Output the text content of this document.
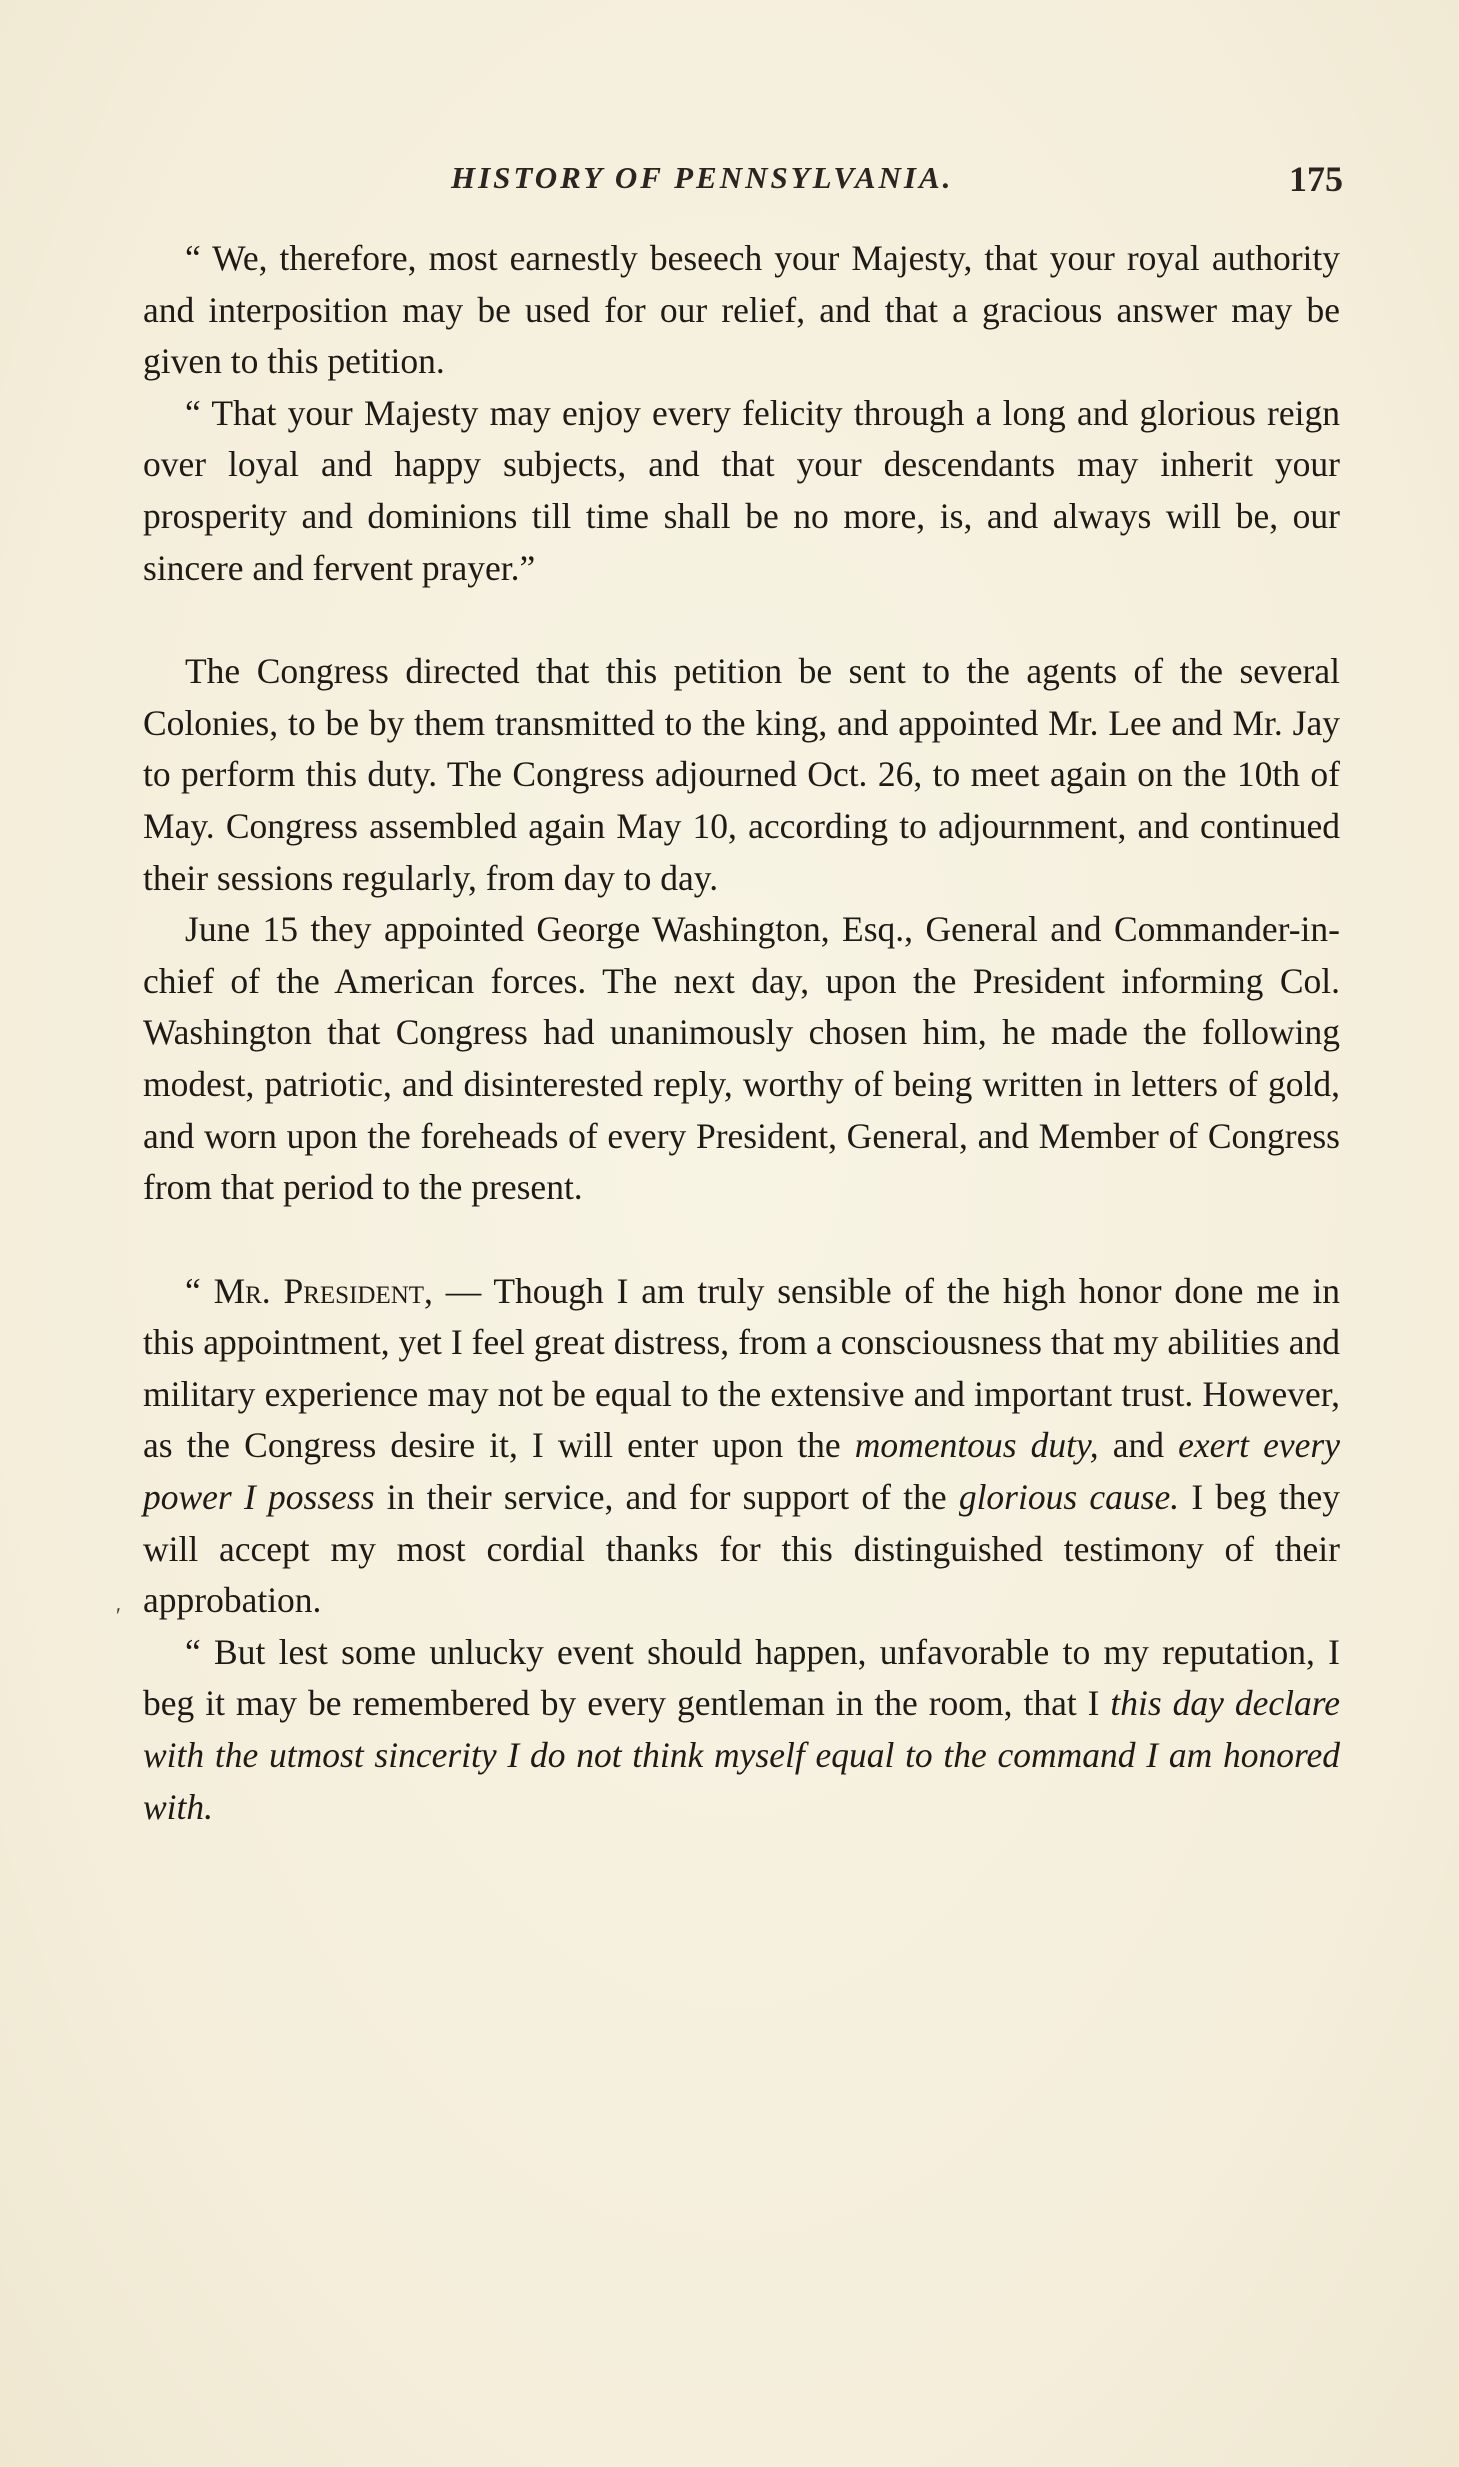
HISTORY OF PENNSYLVANIA.	175

“ We, therefore, most earnestly beseech your Majesty, that your royal authority and interposition may be used for our relief, and that a gracious answer may be given to this petition.

“ That your Majesty may enjoy every felicity through a long and glorious reign over loyal and happy subjects, and that your descendants may inherit your prosperity and dominions till time shall be no more, is, and always will be, our sincere and fervent prayer.”

The Congress directed that this petition be sent to the agents of the several Colonies, to be by them transmitted to the king, and appointed Mr. Lee and Mr. Jay to perform this duty. The Congress adjourned Oct. 26, to meet again on the 10th of May. Congress assembled again May 10, according to adjournment, and continued their sessions regularly, from day to day.

June 15 they appointed George Washington, Esq., General and Commander-in-chief of the American forces. The next day, upon the President informing Col. Washington that Congress had unanimously chosen him, he made the following modest, patriotic, and disinterested reply, worthy of being written in letters of gold, and worn upon the foreheads of every President, General, and Member of Congress from that period to the present.

“ Mr. President, — Though I am truly sensible of the high honor done me in this appointment, yet I feel great distress, from a consciousness that my abilities and military experience may not be equal to the extensive and important trust. However, as the Congress desire it, I will enter upon the momentous duty, and exert every power I possess in their service, and for support of the glorious cause. I beg they will accept my most cordial thanks for this distinguished testimony of their approbation.

“ But lest some unlucky event should happen, unfavorable to my reputation, I beg it may be remembered by every gentleman in the room, that I this day declare with the utmost sincerity I do not think myself equal to the command I am honored with.

ʹ
